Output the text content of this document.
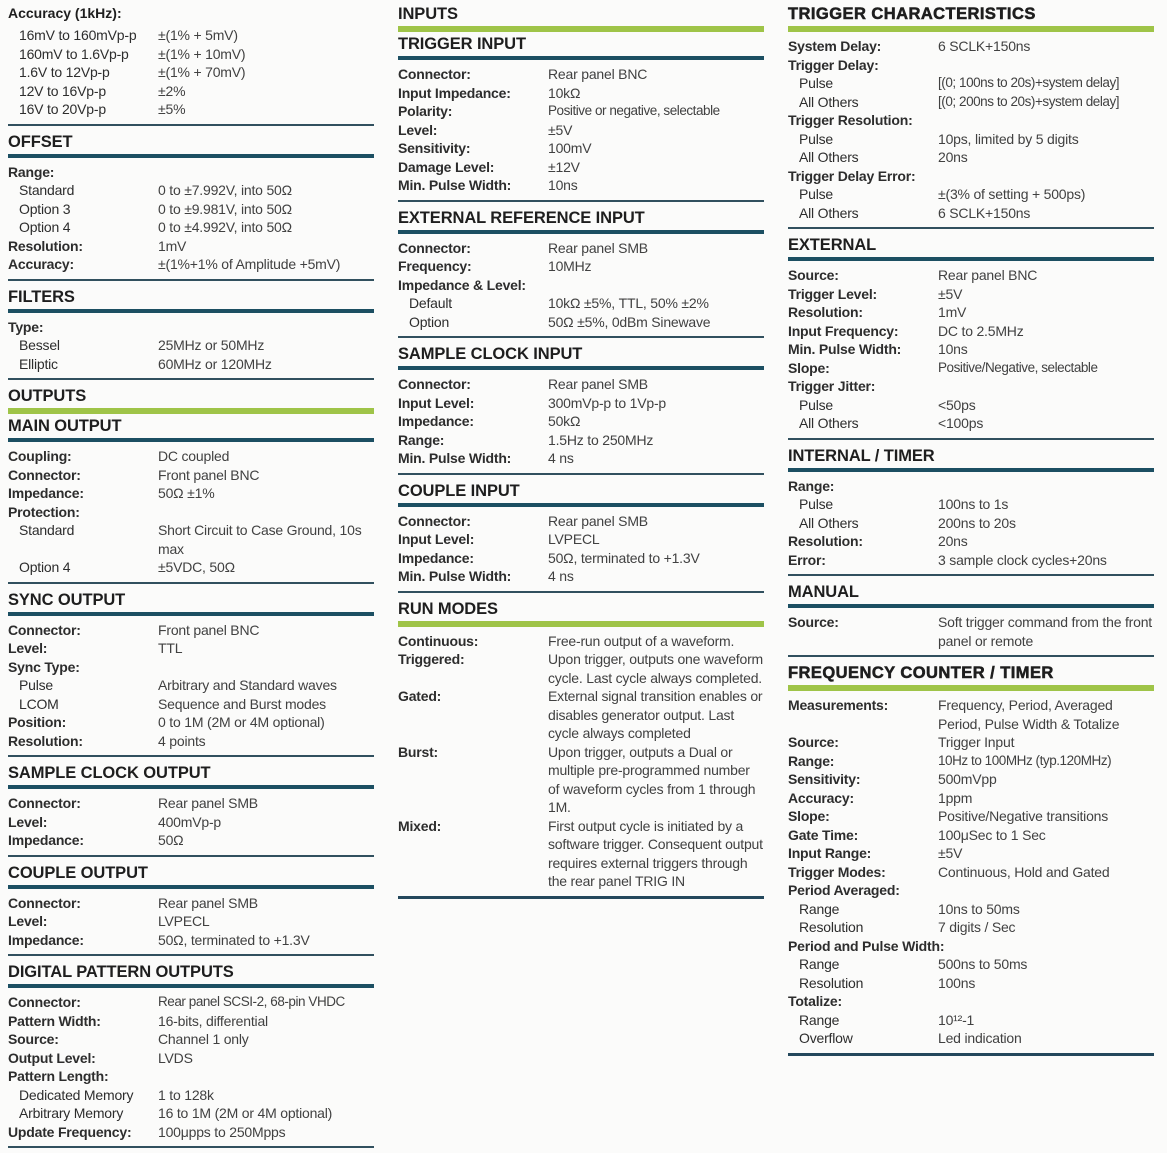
Accuracy (1kHz):
16mV to 160mVp-p	±(1% + 5mV)
160mV to 1.6Vp-p	±(1% + 10mV)
1.6V to 12Vp-p	±(1% + 70mV)
12V to 16Vp-p	±2%
16V to 20Vp-p	±5%
OFFSET
Range:
Standard	0 to ±7.992V, into 50Ω
Option 3	0 to ±9.981V, into 50Ω
Option 4	0 to ±4.992V, into 50Ω
Resolution:	1mV
Accuracy:	±(1%+1% of Amplitude +5mV)
FILTERS
Type:
Bessel	25MHz or 50MHz
Elliptic	60MHz or 120MHz
OUTPUTS
MAIN OUTPUT
Coupling:	DC coupled
Connector:	Front panel BNC
Impedance:	50Ω ±1%
Protection:
Standard	Short Circuit to Case Ground, 10s max
Option 4	±5VDC, 50Ω
SYNC OUTPUT
Connector:	Front panel BNC
Level:	TTL
Sync Type:
Pulse	Arbitrary and Standard waves
LCOM	Sequence and Burst modes
Position:	0 to 1M (2M or 4M optional)
Resolution:	4 points
SAMPLE CLOCK OUTPUT
Connector:	Rear panel SMB
Level:	400mVp-p
Impedance:	50Ω
COUPLE OUTPUT
Connector:	Rear panel SMB
Level:	LVPECL
Impedance:	50Ω, terminated to +1.3V
DIGITAL PATTERN OUTPUTS
Connector:	Rear panel SCSI-2, 68-pin VHDC
Pattern Width:	16-bits, differential
Source:	Channel 1 only
Output Level:	LVDS
Pattern Length:
Dedicated Memory	1 to 128k
Arbitrary Memory	16 to 1M (2M or 4M optional)
Update Frequency:	100μpps to 250Mpps
INPUTS
TRIGGER INPUT
Connector:	Rear panel BNC
Input Impedance:	10kΩ
Polarity:	Positive or negative, selectable
Level:	±5V
Sensitivity:	100mV
Damage Level:	±12V
Min. Pulse Width:	10ns
EXTERNAL REFERENCE INPUT
Connector:	Rear panel SMB
Frequency:	10MHz
Impedance & Level:
Default	10kΩ ±5%, TTL, 50% ±2%
Option	50Ω ±5%, 0dBm Sinewave
SAMPLE CLOCK INPUT
Connector:	Rear panel SMB
Input Level:	300mVp-p to 1Vp-p
Impedance:	50kΩ
Range:	1.5Hz to 250MHz
Min. Pulse Width:	4 ns
COUPLE INPUT
Connector:	Rear panel SMB
Input Level:	LVPECL
Impedance:	50Ω, terminated to +1.3V
Min. Pulse Width:	4 ns
RUN MODES
Continuous:	Free-run output of a waveform.
Triggered:	Upon trigger, outputs one waveform cycle. Last cycle always completed.
Gated:	External signal transition enables or disables generator output. Last cycle always completed
Burst:	Upon trigger, outputs a Dual or multiple pre-programmed number of waveform cycles from 1 through 1M.
Mixed:	First output cycle is initiated by a software trigger. Consequent output requires external triggers through the rear panel TRIG IN
TRIGGER CHARACTERISTICS
System Delay:	6 SCLK+150ns
Trigger Delay:
Pulse	[(0; 100ns to 20s)+system delay]
All Others	[(0; 200ns to 20s)+system delay]
Trigger Resolution:
Pulse	10ps, limited by 5 digits
All Others	20ns
Trigger Delay Error:
Pulse	±(3% of setting + 500ps)
All Others	6 SCLK+150ns
EXTERNAL
Source:	Rear panel BNC
Trigger Level:	±5V
Resolution:	1mV
Input Frequency:	DC to 2.5MHz
Min. Pulse Width:	10ns
Slope:	Positive/Negative, selectable
Trigger Jitter:
Pulse	<50ps
All Others	<100ps
INTERNAL / TIMER
Range:
Pulse	100ns to 1s
All Others	200ns to 20s
Resolution:	20ns
Error:	3 sample clock cycles+20ns
MANUAL
Source:	Soft trigger command from the front panel or remote
FREQUENCY COUNTER / TIMER
Measurements:	Frequency, Period, Averaged Period, Pulse Width & Totalize
Source:	Trigger Input
Range:	10Hz to 100MHz (typ.120MHz)
Sensitivity:	500mVpp
Accuracy:	1ppm
Slope:	Positive/Negative transitions
Gate Time:	100μSec to 1 Sec
Input Range:	±5V
Trigger Modes:	Continuous, Hold and Gated
Period Averaged:
Range	10ns to 50ms
Resolution	7 digits / Sec
Period and Pulse Width:
Range	500ns to 50ms
Resolution	100ns
Totalize:
Range	10¹²-1
Overflow	Led indication
